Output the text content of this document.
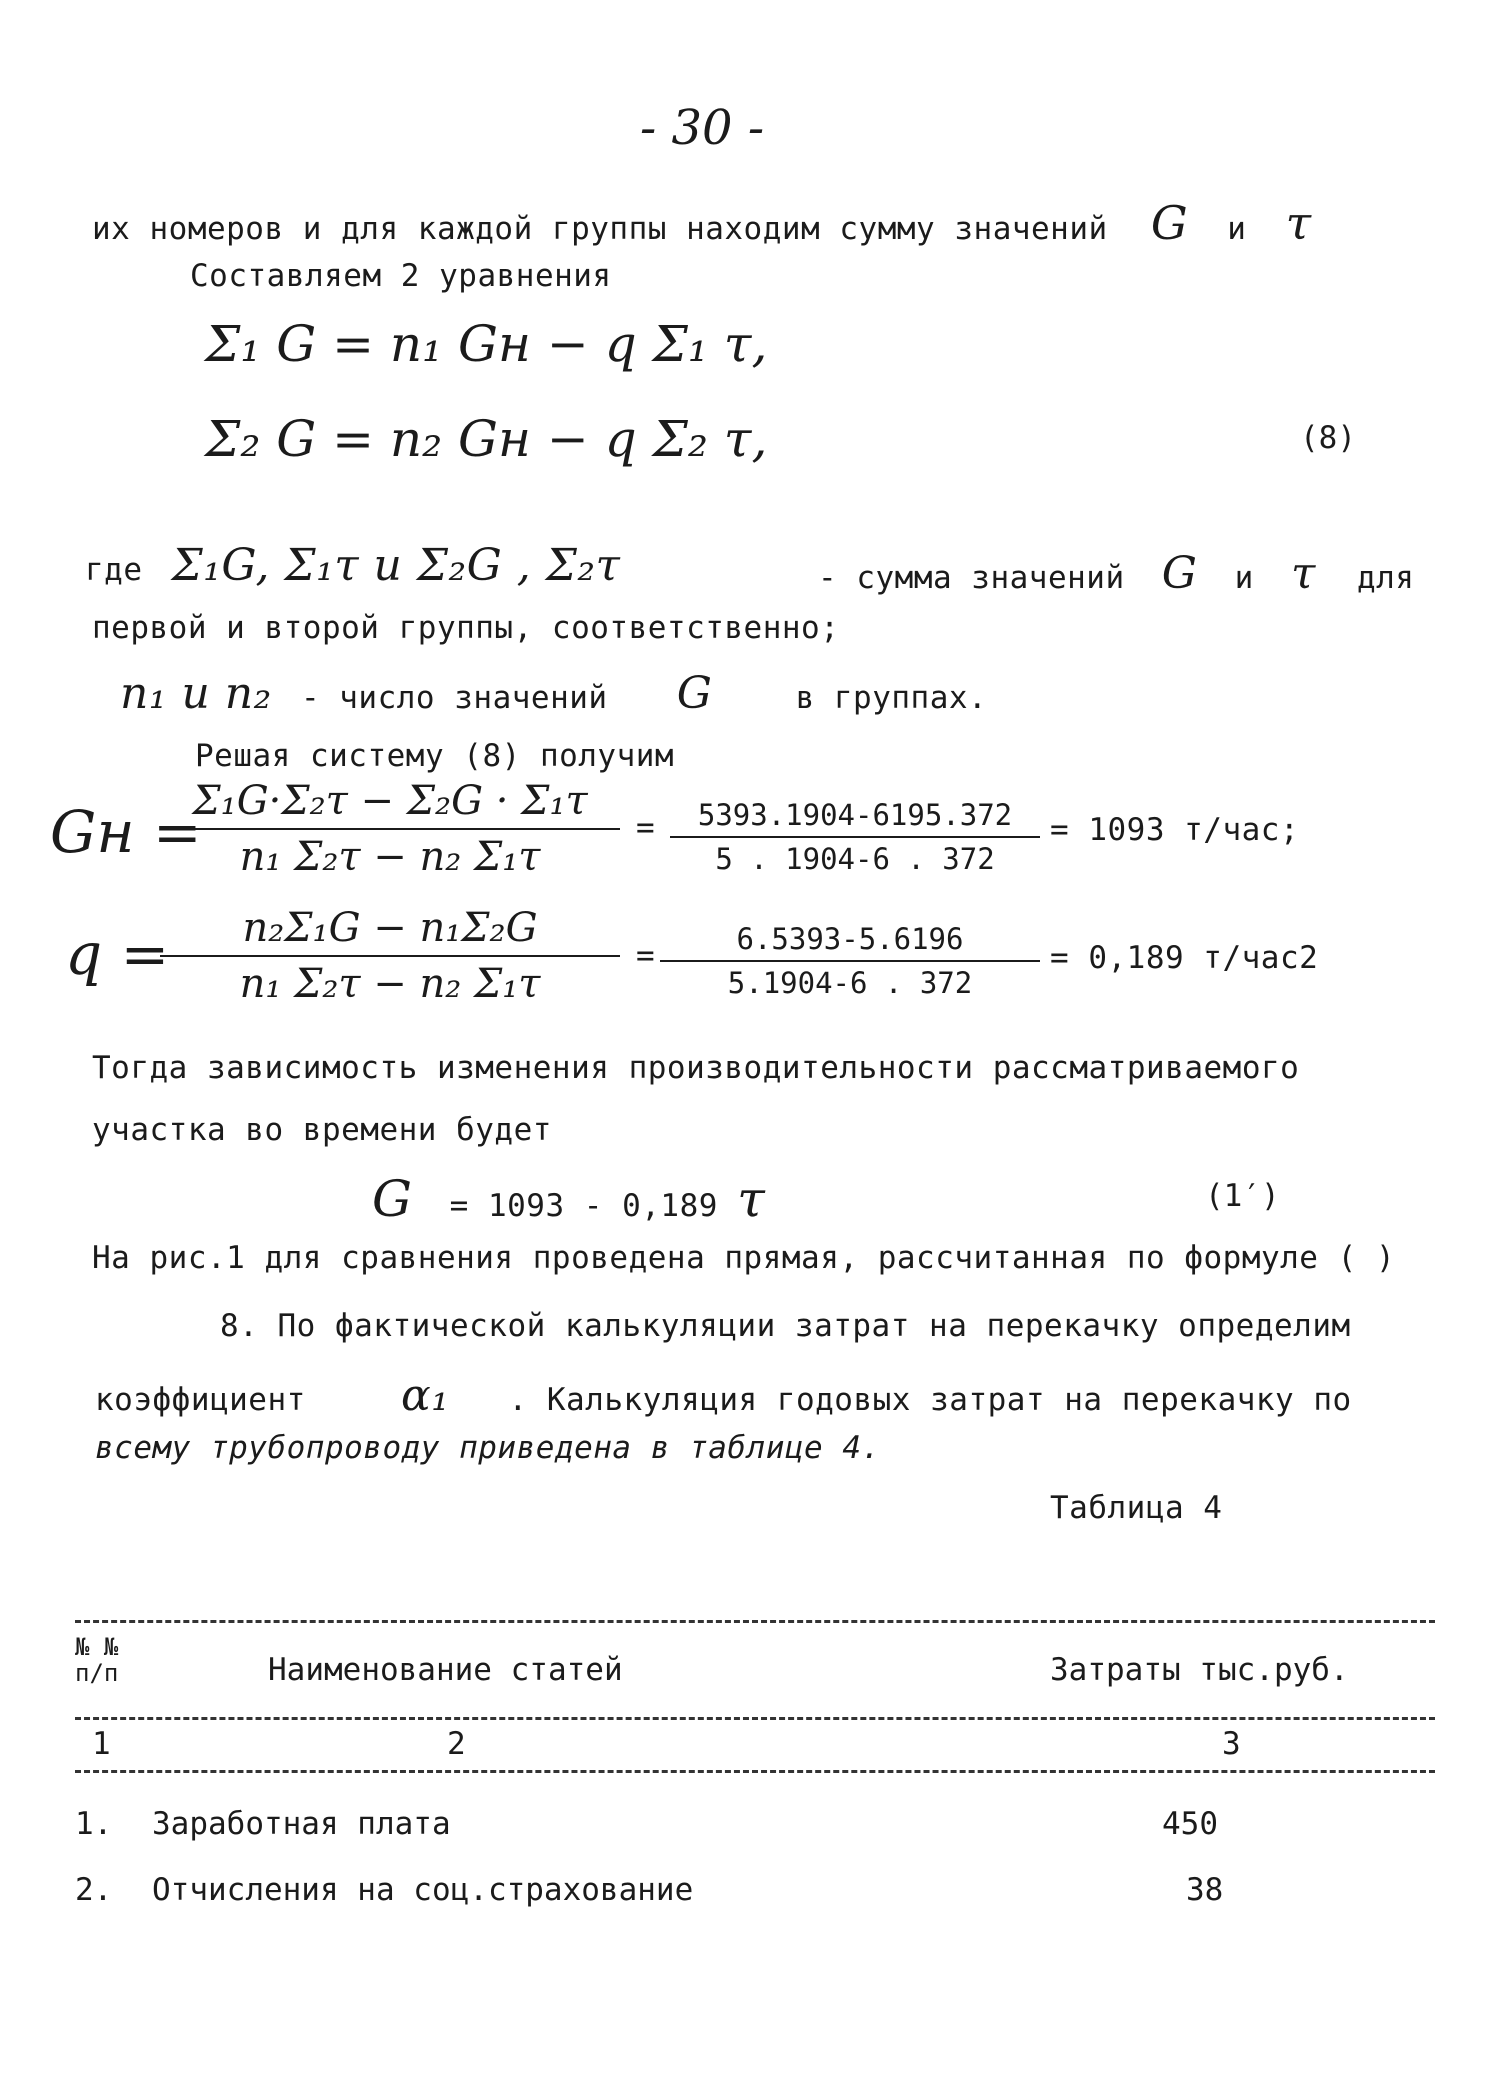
- 30 -
их номеров и для каждой группы находим сумму значений G и τ
Составляем 2 уравнения
Σ₁ G = n₁ Gн − q Σ₁ τ,
Σ₂ G = n₂ Gн − q Σ₂ τ,	(8)
где Σ₁G, Σ₁τ и Σ₂G , Σ₂τ	- сумма значений G и τ для
первой и второй группы, соответственно;
n₁ и n₂ - число значений G	в группах.
Решая систему (8) получим
Gн =
$\frac{\text{Σ₁G·Σ₂τ − Σ₂G · Σ₁τ}}{\text{n₁ Σ₂τ − n₂ Σ₁τ}} = \frac{5393.1904-6195.372}{5 . 1904-6 . 372} = 1093$ т/час;
q =
$\frac{\text{n₂Σ₁G − n₁Σ₂G}}{\text{n₁ Σ₂τ − n₂ Σ₁τ}} = \frac{6.5393-5.6196}{5.1904-6 . 372} = 0,189$ т/час2
Тогда зависимость изменения производительности рассматриваемого
участка во времени будет
G = 1093 - 0,189 τ	(1′)
На рис.1 для сравнения проведена прямая, рассчитанная по формуле ( )
8. По фактической калькуляции затрат на перекачку определим
коэффициент α₁ . Калькуляция годовых затрат на перекачку по
всему трубопроводу приведена в таблице 4.
Таблица 4
№ №
п/п	Наименование статей	Затраты тыс.руб.
1	2	3
1. Заработная плата	450
2. Отчисления на соц.страхование	38
